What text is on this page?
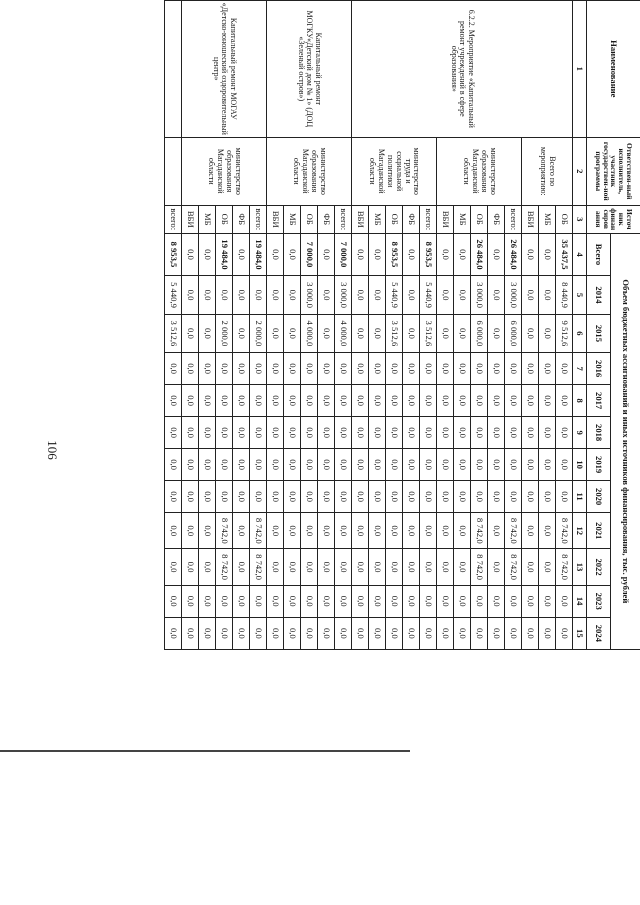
106
Наименование	Ответствен-ный исполнитель, участник государствен-ной программы	Источ ник финан сиров ания	Объем бюджетных ассигнований и иных источников финансирования, тыс. рублей											
			Всего	2014	2015	2016	2017	2018	2019	2020	2021	2022	2023	2024

1	2	3	4	5	6	7	8	9	10	11	12	13	14	15
6.2.2. Мероприятие «Капитальный ремонт учреждений в сфере образования»	Всего по мероприятию:	ОБ	35 437,5	8 440,9	9 512,6	0,0	0,0	0,0	0,0	0,0	8 742,0	8 742,0	0,0	0,0
		МБ	0,0	0,0	0,0	0,0	0,0	0,0	0,0	0,0	0,0	0,0	0,0	0,0
		ВБИ	0,0	0,0	0,0	0,0	0,0	0,0	0,0	0,0	0,0	0,0	0,0	0,0
	министерство образования Магаданской области	всего:	26 484,0	3 000,0	6 000,0	0,0	0,0	0,0	0,0	0,0	8 742,0	8 742,0	0,0	0,0
		ФБ	0,0	0,0	0,0	0,0	0,0	0,0	0,0	0,0	0,0	0,0	0,0	0,0
		ОБ	26 484,0	3 000,0	6 000,0	0,0	0,0	0,0	0,0	0,0	8 742,0	8 742,0	0,0	0,0
		МБ	0,0	0,0	0,0	0,0	0,0	0,0	0,0	0,0	0,0	0,0	0,0	0,0
		ВБИ	0,0	0,0	0,0	0,0	0,0	0,0	0,0	0,0	0,0	0,0	0,0	0,0
	министерство труда и социальной политики Магаданской области	всего:	8 953,5	5 440,9	3 512,6	0,0	0,0	0,0	0,0	0,0	0,0	0,0	0,0	0,0
		ФБ	0,0	0,0	0,0	0,0	0,0	0,0	0,0	0,0	0,0	0,0	0,0	0,0
		ОБ	8 953,5	5 440,9	3 512,6	0,0	0,0	0,0	0,0	0,0	0,0	0,0	0,0	0,0
		МБ	0,0	0,0	0,0	0,0	0,0	0,0	0,0	0,0	0,0	0,0	0,0	0,0
		ВБИ	0,0	0,0	0,0	0,0	0,0	0,0	0,0	0,0	0,0	0,0	0,0	0,0
Капитальный ремонт МОГКУ«Детский дом № 1» (ДОЦ «Зеленый остров»)	министерство образования Магаданской области	всего:	7 000,0	3 000,0	4 000,0	0,0	0,0	0,0	0,0	0,0	0,0	0,0	0,0	0,0
		ФБ	0,0	0,0	0,0	0,0	0,0	0,0	0,0	0,0	0,0	0,0	0,0	0,0
		ОБ	7 000,0	3 000,0	4 000,0	0,0	0,0	0,0	0,0	0,0	0,0	0,0	0,0	0,0
		МБ	0,0	0,0	0,0	0,0	0,0	0,0	0,0	0,0	0,0	0,0	0,0	0,0
		ВБИ	0,0	0,0	0,0	0,0	0,0	0,0	0,0	0,0	0,0	0,0	0,0	0,0
Капитальный ремонт МОГАУ «Детско-юношеский оздоровительный центр»	министерство образования Магаданской области	всего:	19 484,0	0,0	2 000,0	0,0	0,0	0,0	0,0	0,0	8 742,0	8 742,0	0,0	0,0
		ФБ	0,0	0,0	0,0	0,0	0,0	0,0	0,0	0,0	0,0	0,0	0,0	0,0
		ОБ	19 484,0	0,0	2 000,0	0,0	0,0	0,0	0,0	0,0	8 742,0	8 742,0	0,0	0,0
		МБ	0,0	0,0	0,0	0,0	0,0	0,0	0,0	0,0	0,0	0,0	0,0	0,0
		ВБИ	0,0	0,0	0,0	0,0	0,0	0,0	0,0	0,0	0,0	0,0	0,0	0,0
		всего:	8 953,5	5 440,9	3 512,6	0,0	0,0	0,0	0,0	0,0	0,0	0,0	0,0	0,0
